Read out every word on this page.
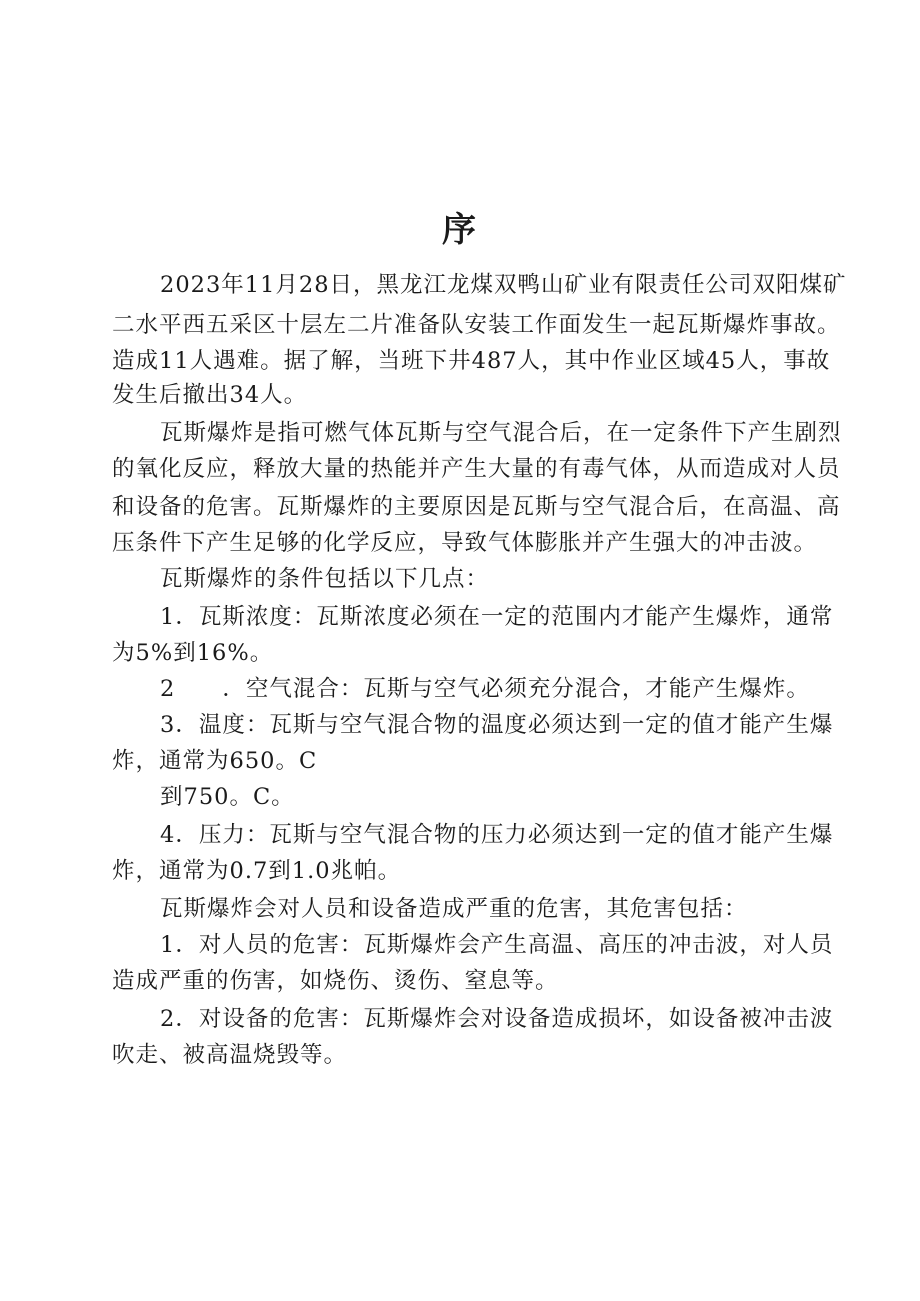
序
2023年11月28日，黑龙江龙煤双鸭山矿业有限责任公司双阳煤矿
二水平西五采区十层左二片准备队安装工作面发生一起瓦斯爆炸事故。
造成11人遇难。据了解，当班下井487人，其中作业区域45人，事故
发生后撤出34人。
瓦斯爆炸是指可燃气体瓦斯与空气混合后，在一定条件下产生剧烈
的氧化反应，释放大量的热能并产生大量的有毒气体，从而造成对人员
和设备的危害。瓦斯爆炸的主要原因是瓦斯与空气混合后，在高温、高
压条件下产生足够的化学反应，导致气体膨胀并产生强大的冲击波。
瓦斯爆炸的条件包括以下几点：
1．瓦斯浓度：瓦斯浓度必须在一定的范围内才能产生爆炸，通常
为5%到16%。
2　　．空气混合：瓦斯与空气必须充分混合，才能产生爆炸。
3．温度：瓦斯与空气混合物的温度必须达到一定的值才能产生爆
炸，通常为650。C
到750。C。
4．压力：瓦斯与空气混合物的压力必须达到一定的值才能产生爆
炸，通常为0.7到1.0兆帕。
瓦斯爆炸会对人员和设备造成严重的危害，其危害包括：
1．对人员的危害：瓦斯爆炸会产生高温、高压的冲击波，对人员
造成严重的伤害，如烧伤、烫伤、窒息等。
2．对设备的危害：瓦斯爆炸会对设备造成损坏，如设备被冲击波
吹走、被高温烧毁等。
